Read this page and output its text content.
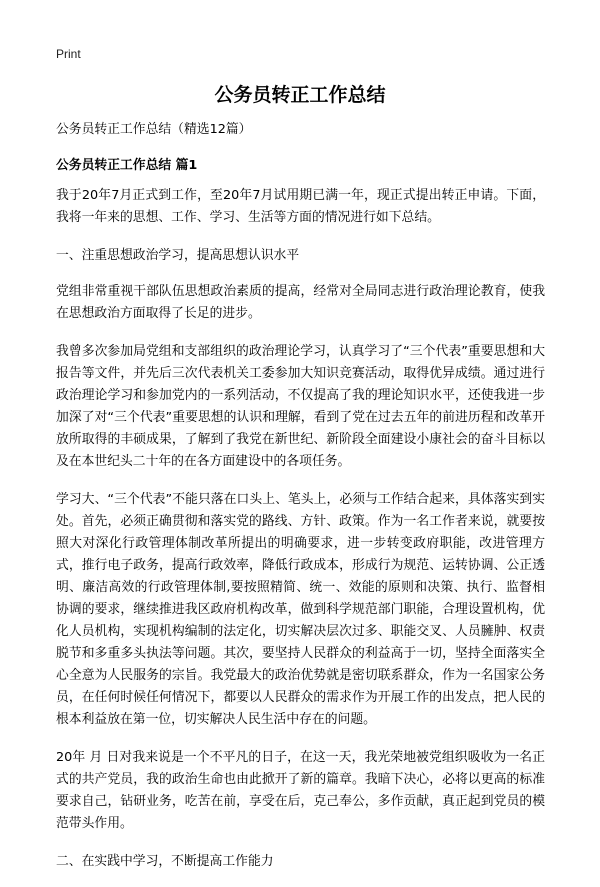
Print
公务员转正工作总结

公务员转正工作总结（精选12篇）

公务员转正工作总结 篇1

我于20年7月正式到工作，至20年7月试用期已满一年，现正式提出转正申请。下面，我将一年来的思想、工作、学习、生活等方面的情况进行如下总结。

一、注重思想政治学习，提高思想认识水平

党组非常重视干部队伍思想政治素质的提高，经常对全局同志进行政治理论教育，使我在思想政治方面取得了长足的进步。

我曾多次参加局党组和支部组织的政治理论学习，认真学习了“三个代表”重要思想和大报告等文件，并先后三次代表机关工委参加大知识竞赛活动，取得优异成绩。通过进行政治理论学习和参加党内的一系列活动，不仅提高了我的理论知识水平，还使我进一步加深了对“三个代表”重要思想的认识和理解，看到了党在过去五年的前进历程和改革开放所取得的丰硕成果，了解到了我党在新世纪、新阶段全面建设小康社会的奋斗目标以及在本世纪头二十年的在各方面建设中的各项任务。

学习大、“三个代表”不能只落在口头上、笔头上，必须与工作结合起来，具体落实到实处。首先，必须正确贯彻和落实党的路线、方针、政策。作为一名工作者来说，就要按照大对深化行政管理体制改革所提出的明确要求，进一步转变政府职能，改进管理方式，推行电子政务，提高行政效率，降低行政成本，形成行为规范、运转协调、公正透明、廉洁高效的行政管理体制,要按照精简、统一、效能的原则和决策、执行、监督相协调的要求，继续推进我区政府机构改革，做到科学规范部门职能，合理设置机构，优化人员机构，实现机构编制的法定化，切实解决层次过多、职能交叉、人员臃肿、权责脱节和多重多头执法等问题。其次，要坚持人民群众的利益高于一切，坚持全面落实全心全意为人民服务的宗旨。我党最大的政治优势就是密切联系群众，作为一名国家公务员，在任何时候任何情况下，都要以人民群众的需求作为开展工作的出发点，把人民的根本利益放在第一位，切实解决人民生活中存在的问题。

20年 月 日对我来说是一个不平凡的日子，在这一天，我光荣地被党组织吸收为一名正式的共产党员，我的政治生命也由此掀开了新的篇章。我暗下决心，必将以更高的标准要求自己，钻研业务，吃苦在前，享受在后，克己奉公，多作贡献，真正起到党员的模范带头作用。

二、在实践中学习，不断提高工作能力
